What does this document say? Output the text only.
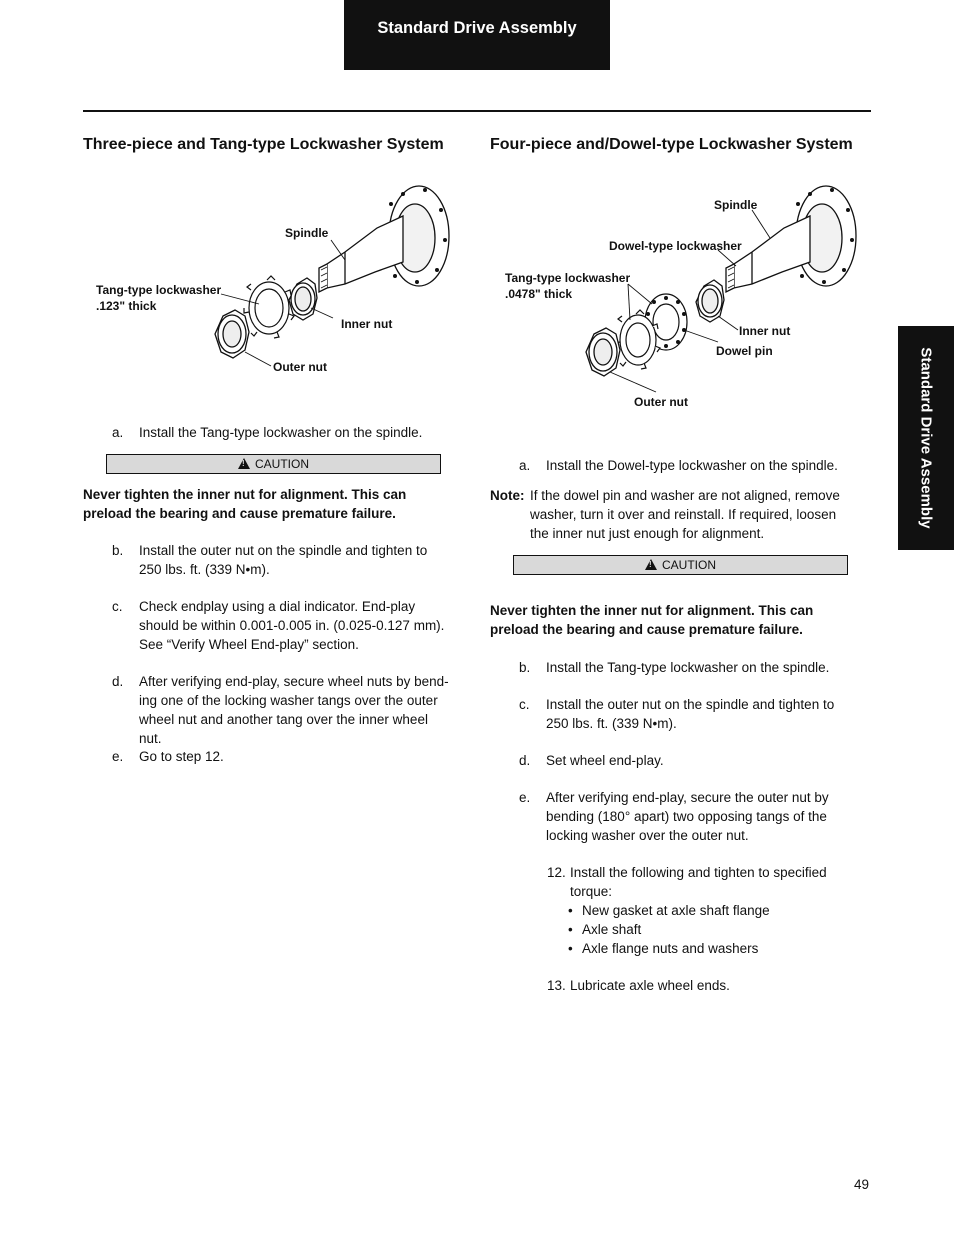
Standard Drive Assembly
Standard Drive Assembly
Three-piece and Tang-type Lockwasher System
Spindle
Tang-type lockwasher
.123" thick
Inner nut
Outer nut
a. Install the Tang-type lockwasher on the spindle.
!CAUTION
Never tighten the inner nut for alignment. This can preload the bearing and cause premature failure.
b. Install the outer nut on the spindle and tighten to 250 lbs. ft. (339 N•m).
c. Check endplay using a dial indicator. End-play should be within 0.001-0.005 in. (0.025-0.127 mm). See “Verify Wheel End-play” section.
d. After verifying end-play, secure wheel nuts by bend-ing one of the locking washer tangs over the outer wheel nut and another tang over the inner wheel nut.
e. Go to step 12.
Four-piece and/Dowel-type Lockwasher System
Spindle
Dowel-type lockwasher
Tang-type lockwasher
.0478" thick
Inner nut
Dowel pin
Outer nut
a. Install the Dowel-type lockwasher on the spindle.
Note: If the dowel pin and washer are not aligned, remove washer, turn it over and reinstall. If required, loosen the inner nut just enough for alignment.
!CAUTION
Never tighten the inner nut for alignment. This can preload the bearing and cause premature failure.
b. Install the Tang-type lockwasher on the spindle.
c. Install the outer nut on the spindle and tighten to 250 lbs. ft. (339 N•m).
d. Set wheel end-play.
e. After verifying end-play, secure the outer nut by bending (180° apart) two opposing tangs of the locking washer over the outer nut.
12. Install the following and tighten to specified torque:
• New gasket at axle shaft flange
• Axle shaft
• Axle flange nuts and washers
13. Lubricate axle wheel ends.
49
